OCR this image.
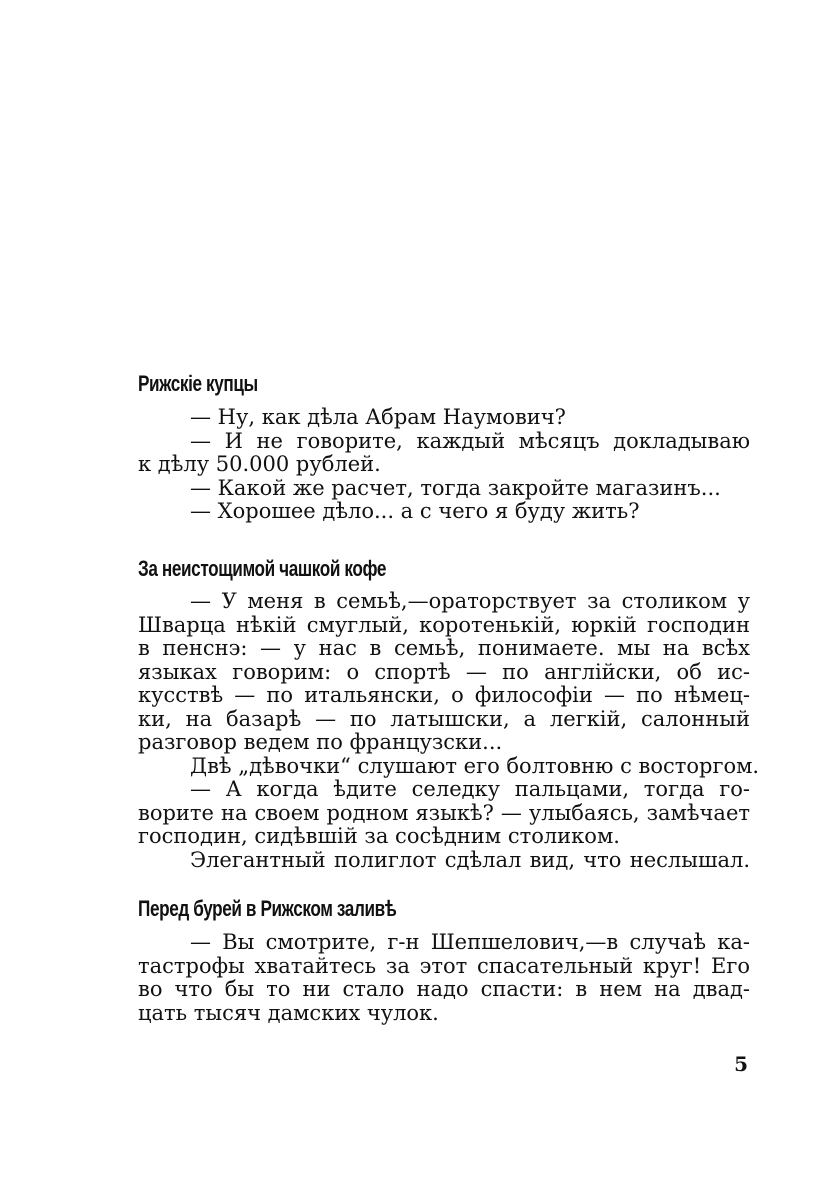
Рижскіе купцы
— Ну, как дѣла Абрам Наумович?
— И не говорите, каждый мѣсяцъ докладываю
к дѣлу 50.000 рублей.
— Какой же расчет, тогда закройте магазинъ...
— Хорошее дѣло... а с чего я буду жить?
За неистощимой чашкой кофе
— У меня в семьѣ,—ораторствует за столиком у
Шварца нѣкій смуглый, коротенькій, юркій господин
в пенснэ: — у нас в семьѣ, понимаете. мы на всѣх
языках говорим: о спортѣ — по англійски, об ис-
кусствѣ — по итальянски, о философіи — по нѣмец-
ки, на базарѣ — по латышски, а легкій, салонный
разговор ведем по французски...
Двѣ „дѣвочки“ слушают его болтовню с восторгом.
— А когда ѣдите селедку пальцами, тогда го-
ворите на своем родном языкѣ? — улыбаясь, замѣчает
господин, сидѣвшій за сосѣдним столиком.
Элегантный полиглот сдѣлал вид, что неслышал.
Перед бурей в Рижском заливѣ
— Вы смотрите, г-н Шепшелович,—в случаѣ ка-
тастрофы хватайтесь за этот спасательный круг! Его
во что бы то ни стало надо спасти: в нем на двад-
цать тысяч дамских чулок.
5
